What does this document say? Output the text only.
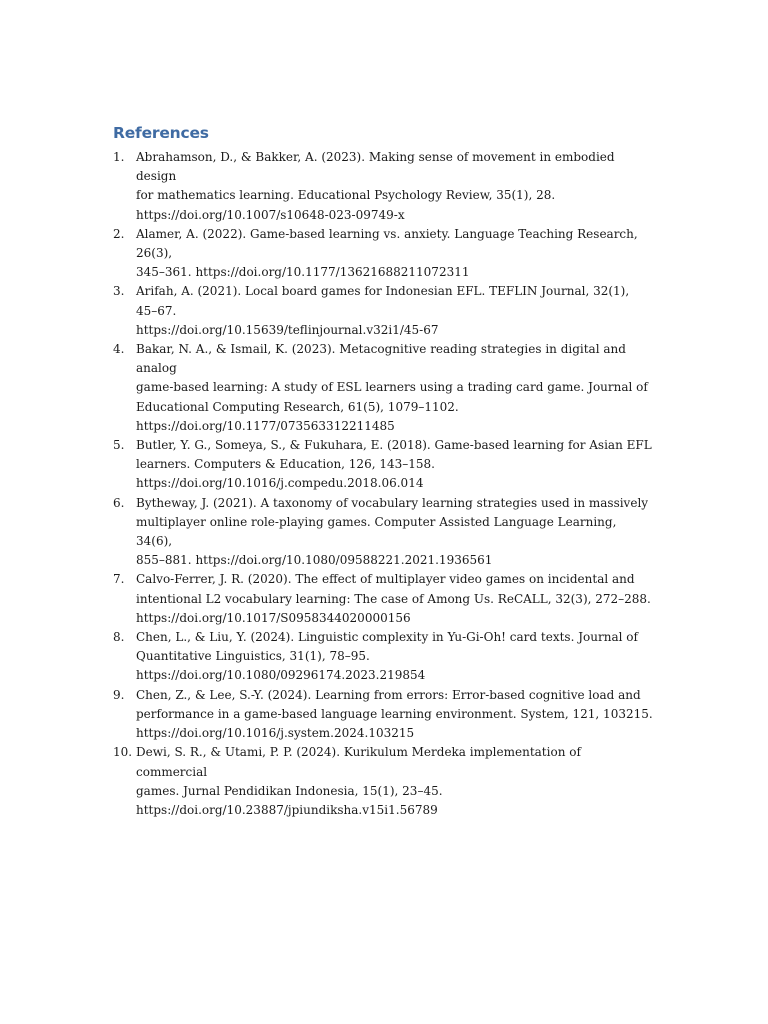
References
1. Abrahamson, D., & Bakker, A. (2023). Making sense of movement in embodied design
for mathematics learning. Educational Psychology Review, 35(1), 28.
https://doi.org/10.1007/s10648-023-09749-x
2. Alamer, A. (2022). Game-based learning vs. anxiety. Language Teaching Research, 26(3),
345–361. https://doi.org/10.1177/13621688211072311
3. Arifah, A. (2021). Local board games for Indonesian EFL. TEFLIN Journal, 32(1), 45–67.
https://doi.org/10.15639/teflinjournal.v32i1/45-67
4. Bakar, N. A., & Ismail, K. (2023). Metacognitive reading strategies in digital and analog
game-based learning: A study of ESL learners using a trading card game. Journal of
Educational Computing Research, 61(5), 1079–1102.
https://doi.org/10.1177/073563312211485
5. Butler, Y. G., Someya, S., & Fukuhara, E. (2018). Game-based learning for Asian EFL
learners. Computers & Education, 126, 143–158.
https://doi.org/10.1016/j.compedu.2018.06.014
6. Bytheway, J. (2021). A taxonomy of vocabulary learning strategies used in massively
multiplayer online role-playing games. Computer Assisted Language Learning, 34(6),
855–881. https://doi.org/10.1080/09588221.2021.1936561
7. Calvo-Ferrer, J. R. (2020). The effect of multiplayer video games on incidental and
intentional L2 vocabulary learning: The case of Among Us. ReCALL, 32(3), 272–288.
https://doi.org/10.1017/S0958344020000156
8. Chen, L., & Liu, Y. (2024). Linguistic complexity in Yu-Gi-Oh! card texts. Journal of
Quantitative Linguistics, 31(1), 78–95.
https://doi.org/10.1080/09296174.2023.219854
9. Chen, Z., & Lee, S.-Y. (2024). Learning from errors: Error-based cognitive load and
performance in a game-based language learning environment. System, 121, 103215.
https://doi.org/10.1016/j.system.2024.103215
10. Dewi, S. R., & Utami, P. P. (2024). Kurikulum Merdeka implementation of commercial
games. Jurnal Pendidikan Indonesia, 15(1), 23–45.
https://doi.org/10.23887/jpiundiksha.v15i1.56789
